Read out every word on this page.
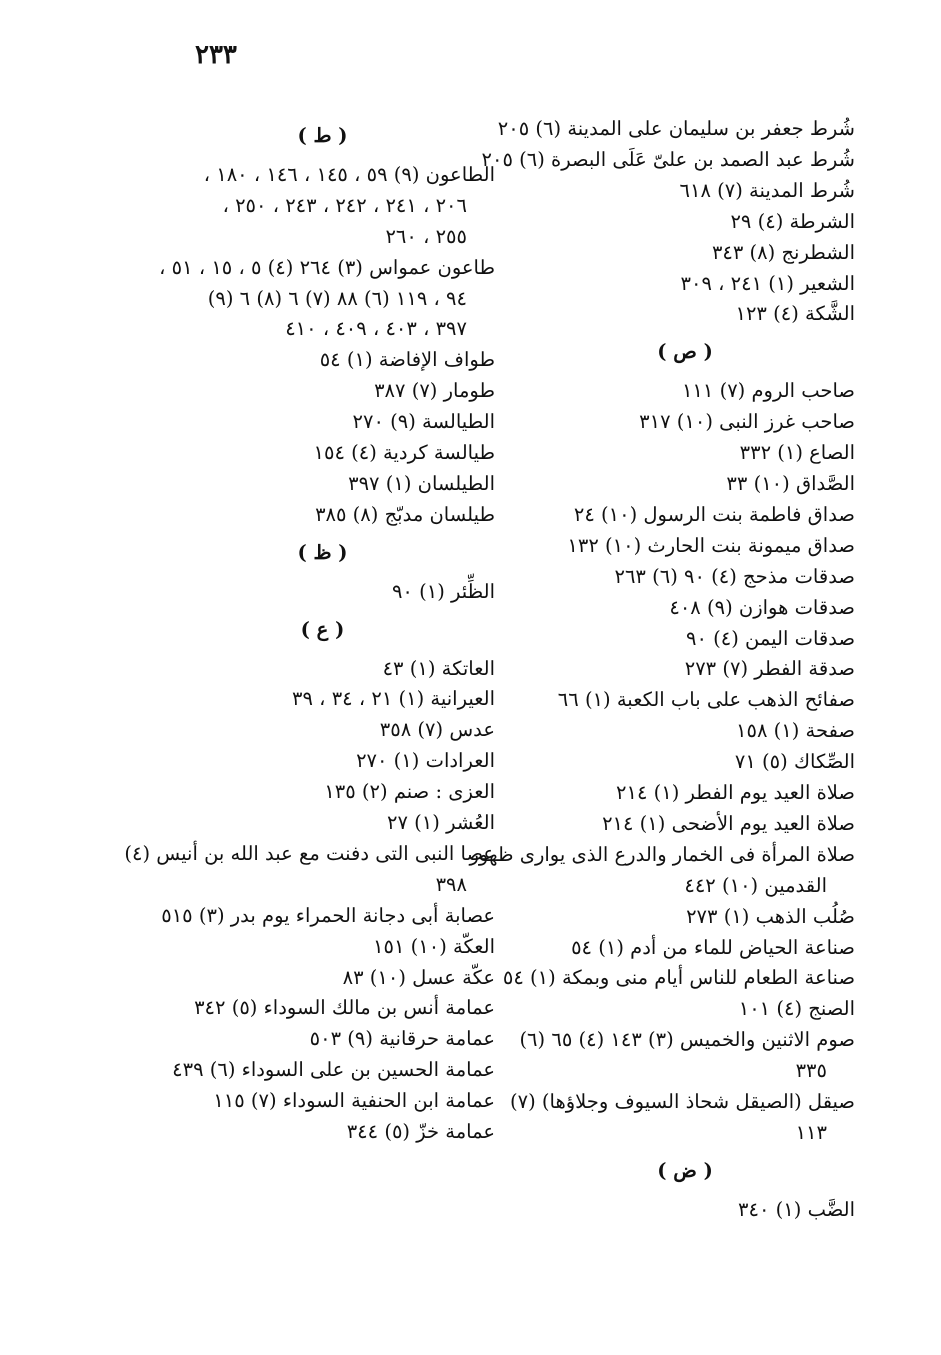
٢٣٣
شُرط جعفر بن سليمان على المدينة (٦) ٢٠٥
شُرط عبد الصمد بن علىّ عَلَى البصرة (٦) ٢٠٥
شُرط المدينة (٧) ٦١٨
الشرطة (٤) ٢٩
الشطرنج (٨) ٣٤٣
الشعير (١) ٢٤١ ، ٣٠٩
الشَّكة (٤) ١٢٣
( ص )
صاحب الروم (٧) ١١١
صاحب غرز النبى (١٠) ٣١٧
الصاع (١) ٣٣٢
الصَّداق (١٠) ٣٣
صداق فاطمة بنت الرسول (١٠) ٢٤
صداق ميمونة بنت الحارث (١٠) ١٣٢
صدقات مذحج (٤) ٩٠ (٦) ٢٦٣
صدقات هوازن (٩) ٤٠٨
صدقات اليمن (٤) ٩٠
صدقة الفطر (٧) ٢٧٣
صفائح الذهب على باب الكعبة (١) ٦٦
صفحة (١) ١٥٨
الصِّكاك (٥) ٧١
صلاة العيد يوم الفطر (١) ٢١٤
صلاة العيد يوم الأضحى (١) ٢١٤
صلاة المرأة فى الخمار والدرع الذى يوارى ظهور
القدمين (١٠) ٤٤٢
صُلُب الذهب (١) ٢٧٣
صناعة الحياض للماء من أدم (١) ٥٤
صناعة الطعام للناس أيام منى وبمكة (١) ٥٤
الصنج (٤) ١٠١
صوم الاثنين والخميس (٣) ١٤٣ (٤) ٦٥ (٦)
٣٣٥
صيقل (الصيقل شحاذ السيوف وجلاؤها) (٧)
١١٣
( ض )
الضَّب (١) ٣٤٠
( ط )
الطاعون (٩) ٥٩ ، ١٤٥ ، ١٤٦ ، ١٨٠ ،
٢٠٦ ، ٢٤١ ، ٢٤٢ ، ٢٤٣ ، ٢٥٠ ،
٢٥٥ ، ٢٦٠
طاعون عمواس (٣) ٢٦٤ (٤) ٥ ، ١٥ ، ٥١ ،
٩٤ ، ١١٩ (٦) ٨٨ (٧) ٦ (٨) ٦ (٩)
٣٩٧ ، ٤٠٣ ، ٤٠٩ ، ٤١٠
طواف الإفاضة (١) ٥٤
طومار (٧) ٣٨٧
الطيالسة (٩) ٢٧٠
طيالسة كردية (٤) ١٥٤
الطيلسان (١) ٣٩٧
طيلسان مدبّج (٨) ٣٨٥
( ظ )
الظِّئر (١) ٩٠
( ع )
العاتكة (١) ٤٣
العيرانية (١) ٢١ ، ٣٤ ، ٣٩
عدس (٧) ٣٥٨
العرادات (١) ٢٧٠
العزى : صنم (٢) ١٣٥
العُشر (١) ٢٧
عصا النبى التى دفنت مع عبد الله بن أنيس (٤)
٣٩٨
عصابة أبى دجانة الحمراء يوم بدر (٣) ٥١٥
العكّة (١٠) ١٥١
عكّة عسل (١٠) ٨٣
عمامة أنس بن مالك السوداء (٥) ٣٤٢
عمامة حرقانية (٩) ٥٠٣
عمامة الحسين بن على السوداء (٦) ٤٣٩
عمامة ابن الحنفية السوداء (٧) ١١٥
عمامة خزّ (٥) ٣٤٤
